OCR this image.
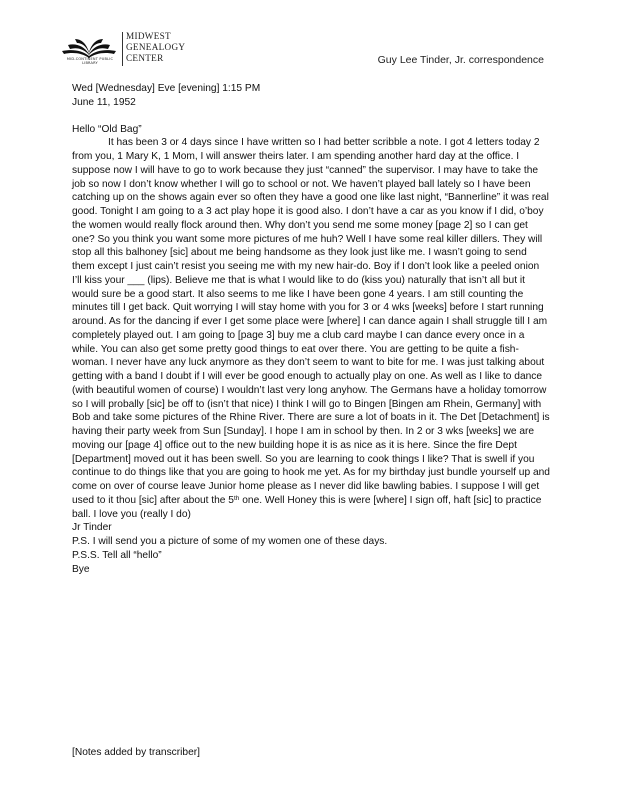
MID-CONTINENT PUBLIC LIBRARY
MIDWEST
GENEALOGY
CENTER	Guy Lee Tinder, Jr. correspondence

Wed [Wednesday] Eve [evening] 1:15 PM

June 11, 1952

Hello “Old Bag”

It has been 3 or 4 days since I have written so I had better scribble a note. I got 4 letters today 2 from you, 1 Mary K, 1 Mom, I will answer theirs later. I am spending another hard day at the office. I suppose now I will have to go to work because they just “canned” the supervisor. I may have to take the job so now I don’t know whether I will go to school or not. We haven’t played ball lately so I have been catching up on the shows again ever so often they have a good one like last night, “Bannerline” it was real good. Tonight I am going to a 3 act play hope it is good also. I don’t have a car as you know if I did, o’boy the women would really flock around then. Why don’t you send me some money [page 2] so I can get one? So you think you want some more pictures of me huh? Well I have some real killer dillers. They will stop all this balhoney [sic] about me being handsome as they look just like me. I wasn’t going to send them except I just cain’t resist you seeing me with my new hair-do. Boy if I don’t look like a peeled onion I’ll kiss your ___ (lips). Believe me that is what I would like to do (kiss you) naturally that isn’t all but it would sure be a good start. It also seems to me like I have been gone 4 years. I am still counting the minutes till I get back. Quit worrying I will stay home with you for 3 or 4 wks [weeks] before I start running around. As for the dancing if ever I get some place were [where] I can dance again I shall struggle till I am completely played out. I am going to [page 3] buy me a club card maybe I can dance every once in a while. You can also get some pretty good things to eat over there. You are getting to be quite a fish-woman. I never have any luck anymore as they don’t seem to want to bite for me. I was just talking about getting with a band I doubt if I will ever be good enough to actually play on one. As well as I like to dance (with beautiful women of course) I wouldn’t last very long anyhow. The Germans have a holiday tomorrow so I will probally [sic] be off to (isn’t that nice) I think I will go to Bingen [Bingen am Rhein, Germany] with Bob and take some pictures of the Rhine River. There are sure a lot of boats in it. The Det [Detachment] is having their party week from Sun [Sunday]. I hope I am in school by then. In 2 or 3 wks [weeks] we are moving our [page 4] office out to the new building hope it is as nice as it is here. Since the fire Dept [Department] moved out it has been swell. So you are learning to cook things I like? That is swell if you continue to do things like that you are going to hook me yet. As for my birthday just bundle yourself up and come on over of course leave Junior home please as I never did like bawling babies. I suppose I will get used to it thou [sic] after about the 5th one. Well Honey this is were [where] I sign off, haft [sic] to practice ball. I love you (really I do)

Jr Tinder

P.S. I will send you a picture of some of my women one of these days.

P.S.S. Tell all “hello”

Bye

[Notes added by transcriber]
